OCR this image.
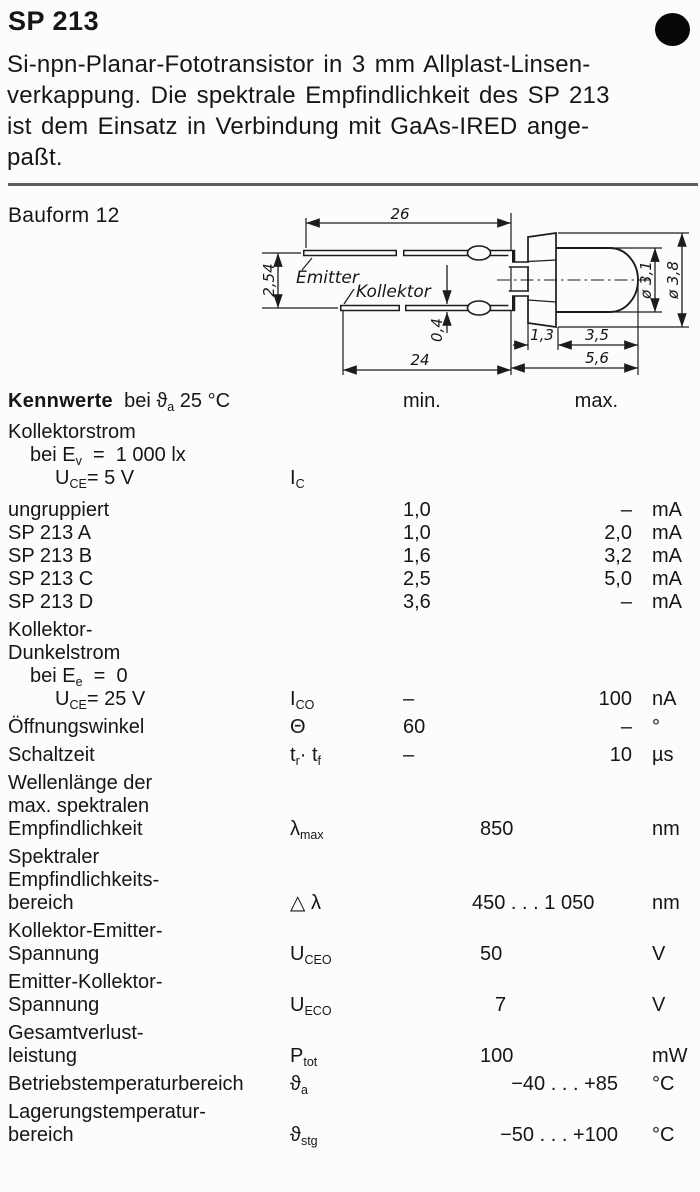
SP 213
Si-npn-Planar-Fototransistor in 3 mm Allplast-Linsen-
verkappung. Die spektrale Empfindlichkeit des SP 213
ist dem Einsatz in Verbindung mit GaAs-IRED ange-
paßt.
Bauform 12	26
24	5,6
3,5
1,3
2,54
0,4
ø 3,1 ø 3,8
Emitter
Kollektor
Kennwerte bei $ϑ_a$ 25 °C	min.	max.
Kollektorstrom
bei $E_v = 1$ 000 lx
$U_{CE}= 5$ V	$I_C$
ungruppiert	1,0	–	mA
SP 213 A	1,0	2,0	mA
SP 213 B	1,6	3,2	mA
SP 213 C	2,5	5,0	mA
SP 213 D	3,6	–	mA
Kollektor-
Dunkelstrom
bei $E_e = 0$
$U_{CE}= 25$ V	$I_{CO}$	–	100	nA
Öffnungswinkel	Θ	60	–	°
Schaltzeit	$t_r\cdot t_f$	–	10	µs
Wellenlänge der
max. spektralen
Empfindlichkeit	$\lambda_{max}$	850	nm
Spektraler
Empfindlichkeits-
bereich	△ λ	450 . . . 1 050	nm
Kollektor-Emitter-
Spannung	$U_{CEO}$	50	V
Emitter-Kollektor-
Spannung	$U_{ECO}$	7	V
Gesamtverlust-
leistung	$P_{tot}$	100	mW
Betriebstemperaturbereich	$ϑ_a$	−40 . . . +85	°C
Lagerungstemperatur-
bereich	$ϑ_{stg}$	−50 . . . +100	°C
